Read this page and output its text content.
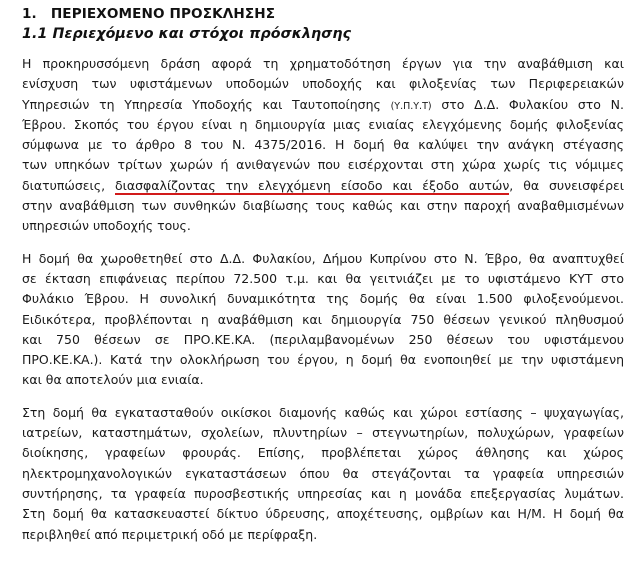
1. ΠΕΡΙΕΧΟΜΕΝΟ ΠΡΟΣΚΛΗΣΗΣ
1.1 Περιεχόμενο και στόχοι πρόσκλησης
Η προκηρυσσόμενη δράση αφορά τη χρηματοδότηση έργων για την αναβάθμιση και
ενίσχυση των υφιστάμενων υποδομών υποδοχής και φιλοξενίας των Περιφερειακών
Υπηρεσιών τη Υπηρεσία Υποδοχής και Ταυτοποίησης (Υ.Π.Υ.Τ) στο Δ.Δ. Φυλακίου στο Ν.
Έβρου. Σκοπός του έργου είναι η δημιουργία μιας ενιαίας ελεγχόμενης δομής φιλοξενίας
σύμφωνα με το άρθρο 8 του Ν. 4375/2016. Η δομή θα καλύψει την ανάγκη στέγασης
των υπηκόων τρίτων χωρών ή ανιθαγενών που εισέρχονται στη χώρα χωρίς τις νόμιμες
διατυπώσεις, διασφαλίζοντας την ελεγχόμενη είσοδο και έξοδο αυτών, θα συνεισφέρει
στην αναβάθμιση των συνθηκών διαβίωσης τους καθώς και στην παροχή αναβαθμισμένων
υπηρεσιών υποδοχής τους.
Η δομή θα χωροθετηθεί στο Δ.Δ. Φυλακίου, Δήμου Κυπρίνου στο Ν. Έβρο, θα αναπτυχθεί
σε έκταση επιφάνειας περίπου 72.500 τ.μ. και θα γειτνιάζει με το υφιστάμενο ΚΥΤ στο
Φυλάκιο Έβρου. Η συνολική δυναμικότητα της δομής θα είναι 1.500 φιλοξενούμενοι.
Ειδικότερα, προβλέπονται η αναβάθμιση και δημιουργία 750 θέσεων γενικού πληθυσμού
και 750 θέσεων σε ΠΡΟ.ΚΕ.ΚΑ. (περιλαμβανομένων 250 θέσεων του υφιστάμενου
ΠΡΟ.ΚΕ.ΚΑ.). Κατά την ολοκλήρωση του έργου, η δομή θα ενοποιηθεί με την υφιστάμενη
και θα αποτελούν μια ενιαία.
Στη δομή θα εγκατασταθούν οικίσκοι διαμονής καθώς και χώροι εστίασης – ψυχαγωγίας,
ιατρείων, καταστημάτων, σχολείων, πλυντηρίων – στεγνωτηρίων, πολυχώρων, γραφείων
διοίκησης, γραφείων φρουράς. Επίσης, προβλέπεται χώρος άθλησης και χώρος
ηλεκτρομηχανολογικών εγκαταστάσεων όπου θα στεγάζονται τα γραφεία υπηρεσιών
συντήρησης, τα γραφεία πυροσβεστικής υπηρεσίας και η μονάδα επεξεργασίας λυμάτων.
Στη δομή θα κατασκευαστεί δίκτυο ύδρευσης, αποχέτευσης, ομβρίων και Η/Μ. Η δομή θα
περιβληθεί από περιμετρική οδό με περίφραξη.
